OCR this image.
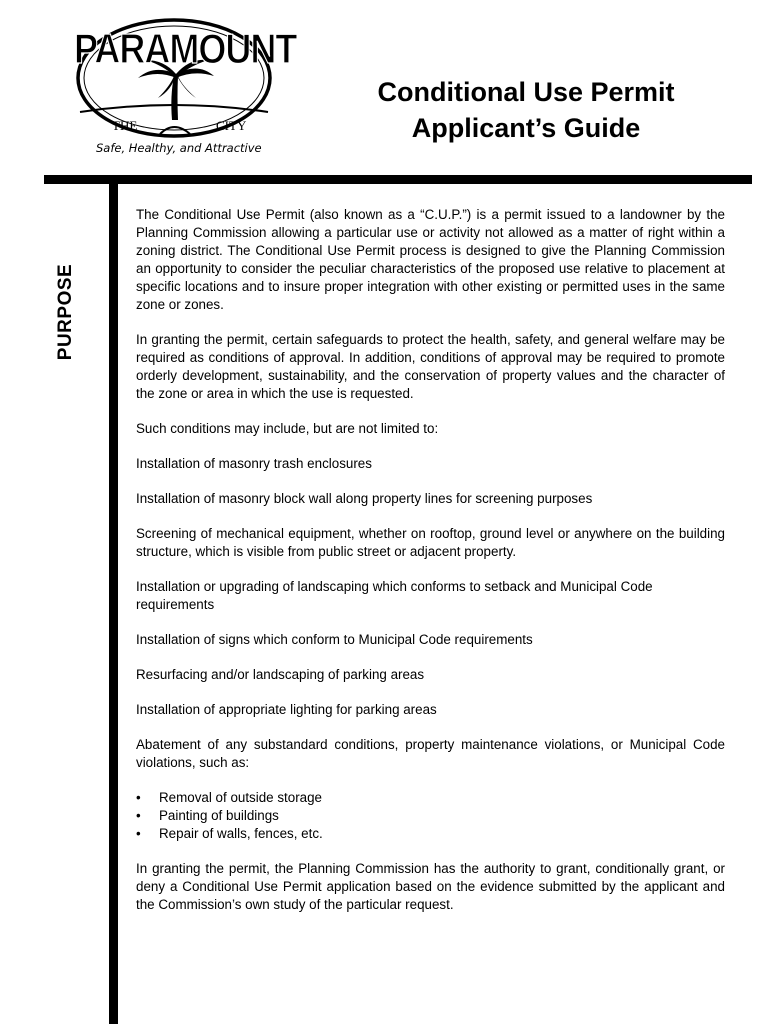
PARAMOUNT
THE	CITY
Safe, Healthy, and Attractive
Conditional Use Permit
Applicant’s Guide
PURPOSE

The Conditional Use Permit (also known as a “C.U.P.”) is a permit issued to a landowner by the Planning Commission allowing a particular use or activity not allowed as a matter of right within a zoning district. The Conditional Use Permit process is designed to give the Planning Commission an opportunity to consider the peculiar characteristics of the proposed use relative to placement at specific locations and to insure proper integration with other existing or permitted uses in the same zone or zones.

In granting the permit, certain safeguards to protect the health, safety, and general welfare may be required as conditions of approval. In addition, conditions of approval may be required to promote orderly development, sustainability, and the conservation of property values and the character of the zone or area in which the use is requested.

Such conditions may include, but are not limited to:

Installation of masonry trash enclosures

Installation of masonry block wall along property lines for screening purposes

Screening of mechanical equipment, whether on rooftop, ground level or anywhere on the building structure, which is visible from public street or adjacent property.

Installation or upgrading of landscaping which conforms to setback and Municipal Code requirements

Installation of signs which conform to Municipal Code requirements

Resurfacing and/or landscaping of parking areas

Installation of appropriate lighting for parking areas

Abatement of any substandard conditions, property maintenance violations, or Municipal Code violations, such as:

• Removal of outside storage
• Painting of buildings
• Repair of walls, fences, etc.

In granting the permit, the Planning Commission has the authority to grant, conditionally grant, or deny a Conditional Use Permit application based on the evidence submitted by the applicant and the Commission’s own study of the particular request.
